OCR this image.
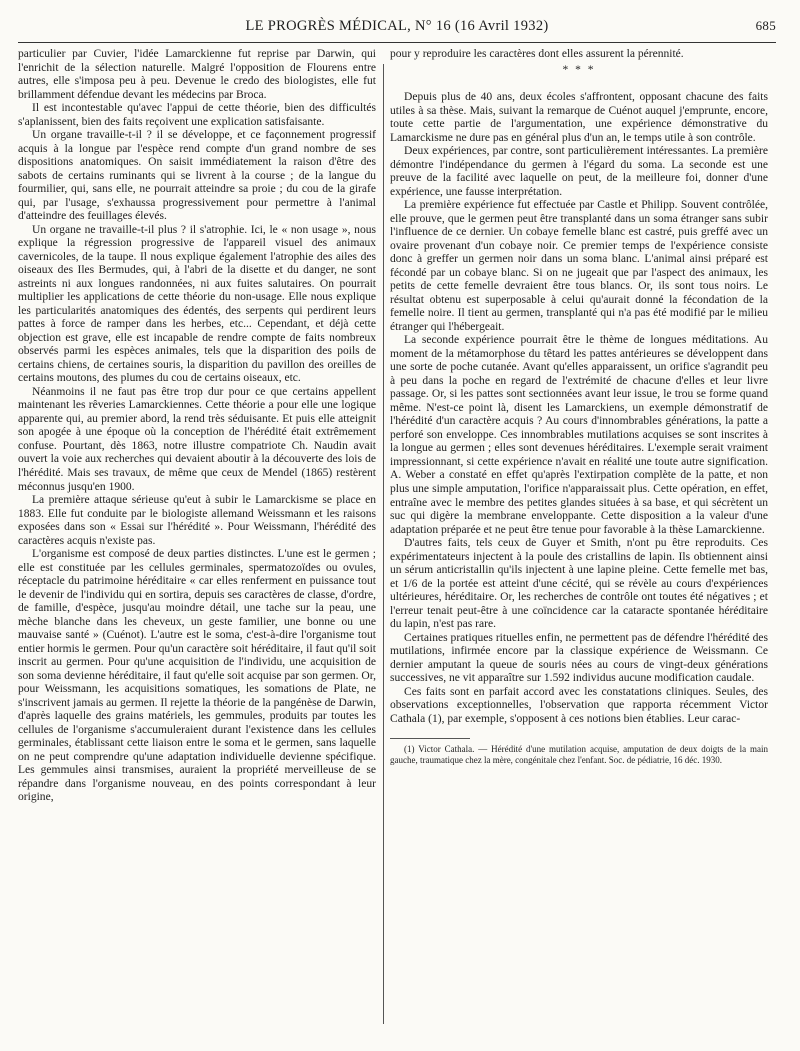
LE PROGRÈS MÉDICAL, N° 16 (16 Avril 1932)	685

particulier par Cuvier, l'idée Lamarckienne fut reprise par Darwin, qui l'enrichit de la sélection naturelle. Malgré l'opposition de Flourens entre autres, elle s'imposa peu à peu. Devenue le credo des biologistes, elle fut brillamment défendue devant les médecins par Broca.

Il est incontestable qu'avec l'appui de cette théorie, bien des difficultés s'aplanissent, bien des faits reçoivent une explication satisfaisante.

Un organe travaille-t-il ? il se développe, et ce façonnement progressif acquis à la longue par l'espèce rend compte d'un grand nombre de ses dispositions anatomiques. On saisit immédiatement la raison d'être des sabots de certains ruminants qui se livrent à la course ; de la langue du fourmilier, qui, sans elle, ne pourrait atteindre sa proie ; du cou de la girafe qui, par l'usage, s'exhaussa progressivement pour permettre à l'animal d'atteindre des feuillages élevés.

Un organe ne travaille-t-il plus ? il s'atrophie. Ici, le « non usage », nous explique la régression progressive de l'appareil visuel des animaux cavernicoles, de la taupe. Il nous explique également l'atrophie des ailes des oiseaux des Iles Bermudes, qui, à l'abri de la disette et du danger, ne sont astreints ni aux longues randonnées, ni aux fuites salutaires. On pourrait multiplier les applications de cette théorie du non-usage. Elle nous explique les particularités anatomiques des édentés, des serpents qui perdirent leurs pattes à force de ramper dans les herbes, etc... Cependant, et déjà cette objection est grave, elle est incapable de rendre compte de faits nombreux observés parmi les espèces animales, tels que la disparition des poils de certains chiens, de certaines souris, la disparition du pavillon des oreilles de certains moutons, des plumes du cou de certains oiseaux, etc.

Néanmoins il ne faut pas être trop dur pour ce que certains appellent maintenant les rêveries Lamarckiennes. Cette théorie a pour elle une logique apparente qui, au premier abord, la rend très séduisante. Et puis elle atteignit son apogée à une époque où la conception de l'hérédité était extrêmement confuse. Pourtant, dès 1863, notre illustre compatriote Ch. Naudin avait ouvert la voie aux recherches qui devaient aboutir à la découverte des lois de l'hérédité. Mais ses travaux, de même que ceux de Mendel (1865) restèrent méconnus jusqu'en 1900.

La première attaque sérieuse qu'eut à subir le Lamarckisme se place en 1883. Elle fut conduite par le biologiste allemand Weissmann et les raisons exposées dans son « Essai sur l'hérédité ». Pour Weissmann, l'hérédité des caractères acquis n'existe pas.

L'organisme est composé de deux parties distinctes. L'une est le germen ; elle est constituée par les cellules germinales, spermatozoïdes ou ovules, réceptacle du patrimoine héréditaire « car elles renferment en puissance tout le devenir de l'individu qui en sortira, depuis ses caractères de classe, d'ordre, de famille, d'espèce, jusqu'au moindre détail, une tache sur la peau, une mèche blanche dans les cheveux, un geste familier, une bonne ou une mauvaise santé » (Cuénot). L'autre est le soma, c'est-à-dire l'organisme tout entier hormis le germen. Pour qu'un caractère soit héréditaire, il faut qu'il soit inscrit au germen. Pour qu'une acquisition de l'individu, une acquisition de son soma devienne héréditaire, il faut qu'elle soit acquise par son germen. Or, pour Weissmann, les acquisitions somatiques, les somations de Plate, ne s'inscrivent jamais au germen. Il rejette la théorie de la pangénèse de Darwin, d'après laquelle des grains matériels, les gemmules, produits par toutes les cellules de l'organisme s'accumuleraient durant l'existence dans les cellules germinales, établissant cette liaison entre le soma et le germen, sans laquelle on ne peut comprendre qu'une adaptation individuelle devienne spécifique. Les gemmules ainsi transmises, auraient la propriété merveilleuse de se répandre dans l'organisme nouveau, en des points correspondant à leur origine,

pour y reproduire les caractères dont elles assurent la pérennité.

* * *

Depuis plus de 40 ans, deux écoles s'affrontent, opposant chacune des faits utiles à sa thèse. Mais, suivant la remarque de Cuénot auquel j'emprunte, encore, toute cette partie de l'argumentation, une expérience démonstrative du Lamarckisme ne dure pas en général plus d'un an, le temps utile à son contrôle.

Deux expériences, par contre, sont particulièrement intéressantes. La première démontre l'indépendance du germen à l'égard du soma. La seconde est une preuve de la facilité avec laquelle on peut, de la meilleure foi, donner d'une expérience, une fausse interprétation.

La première expérience fut effectuée par Castle et Philipp. Souvent contrôlée, elle prouve, que le germen peut être transplanté dans un soma étranger sans subir l'influence de ce dernier. Un cobaye femelle blanc est castré, puis greffé avec un ovaire provenant d'un cobaye noir. Ce premier temps de l'expérience consiste donc à greffer un germen noir dans un soma blanc. L'animal ainsi préparé est fécondé par un cobaye blanc. Si on ne jugeait que par l'aspect des animaux, les petits de cette femelle devraient être tous blancs. Or, ils sont tous noirs. Le résultat obtenu est superposable à celui qu'aurait donné la fécondation de la femelle noire. Il tient au germen, transplanté qui n'a pas été modifié par le milieu étranger qui l'hébergeait.

La seconde expérience pourrait être le thème de longues méditations. Au moment de la métamorphose du têtard les pattes antérieures se développent dans une sorte de poche cutanée. Avant qu'elles apparaissent, un orifice s'agrandit peu à peu dans la poche en regard de l'extrémité de chacune d'elles et leur livre passage. Or, si les pattes sont sectionnées avant leur issue, le trou se forme quand même. N'est-ce point là, disent les Lamarckiens, un exemple démonstratif de l'hérédité d'un caractère acquis ? Au cours d'innombrables générations, la patte a perforé son enveloppe. Ces innombrables mutilations acquises se sont inscrites à la longue au germen ; elles sont devenues héréditaires. L'exemple serait vraiment impressionnant, si cette expérience n'avait en réalité une toute autre signification. A. Weber a constaté en effet qu'après l'extirpation complète de la patte, et non plus une simple amputation, l'orifice n'apparaissait plus. Cette opération, en effet, entraîne avec le membre des petites glandes situées à sa base, et qui sécrètent un suc qui digère la membrane enveloppante. Cette disposition a la valeur d'une adaptation préparée et ne peut être tenue pour favorable à la thèse Lamarckienne.

D'autres faits, tels ceux de Guyer et Smith, n'ont pu être reproduits. Ces expérimentateurs injectent à la poule des cristallins de lapin. Ils obtiennent ainsi un sérum anticristallin qu'ils injectent à une lapine pleine. Cette femelle met bas, et 1/6 de la portée est atteint d'une cécité, qui se révèle au cours d'expériences ultérieures, héréditaire. Or, les recherches de contrôle ont toutes été négatives ; et l'erreur tenait peut-être à une coïncidence car la cataracte spontanée héréditaire du lapin, n'est pas rare.

Certaines pratiques rituelles enfin, ne permettent pas de défendre l'hérédité des mutilations, infirmée encore par la classique expérience de Weissmann. Ce dernier amputant la queue de souris nées au cours de vingt-deux générations successives, ne vit apparaître sur 1.592 individus aucune modification caudale.

Ces faits sont en parfait accord avec les constatations cliniques. Seules, des observations exceptionnelles, l'observation que rapporta récemment Victor Cathala (1), par exemple, s'opposent à ces notions bien établies. Leur carac-

(1) Victor Cathala. — Hérédité d'une mutilation acquise, amputation de deux doigts de la main gauche, traumatique chez la mère, congénitale chez l'enfant. Soc. de pédiatrie, 16 déc. 1930.
